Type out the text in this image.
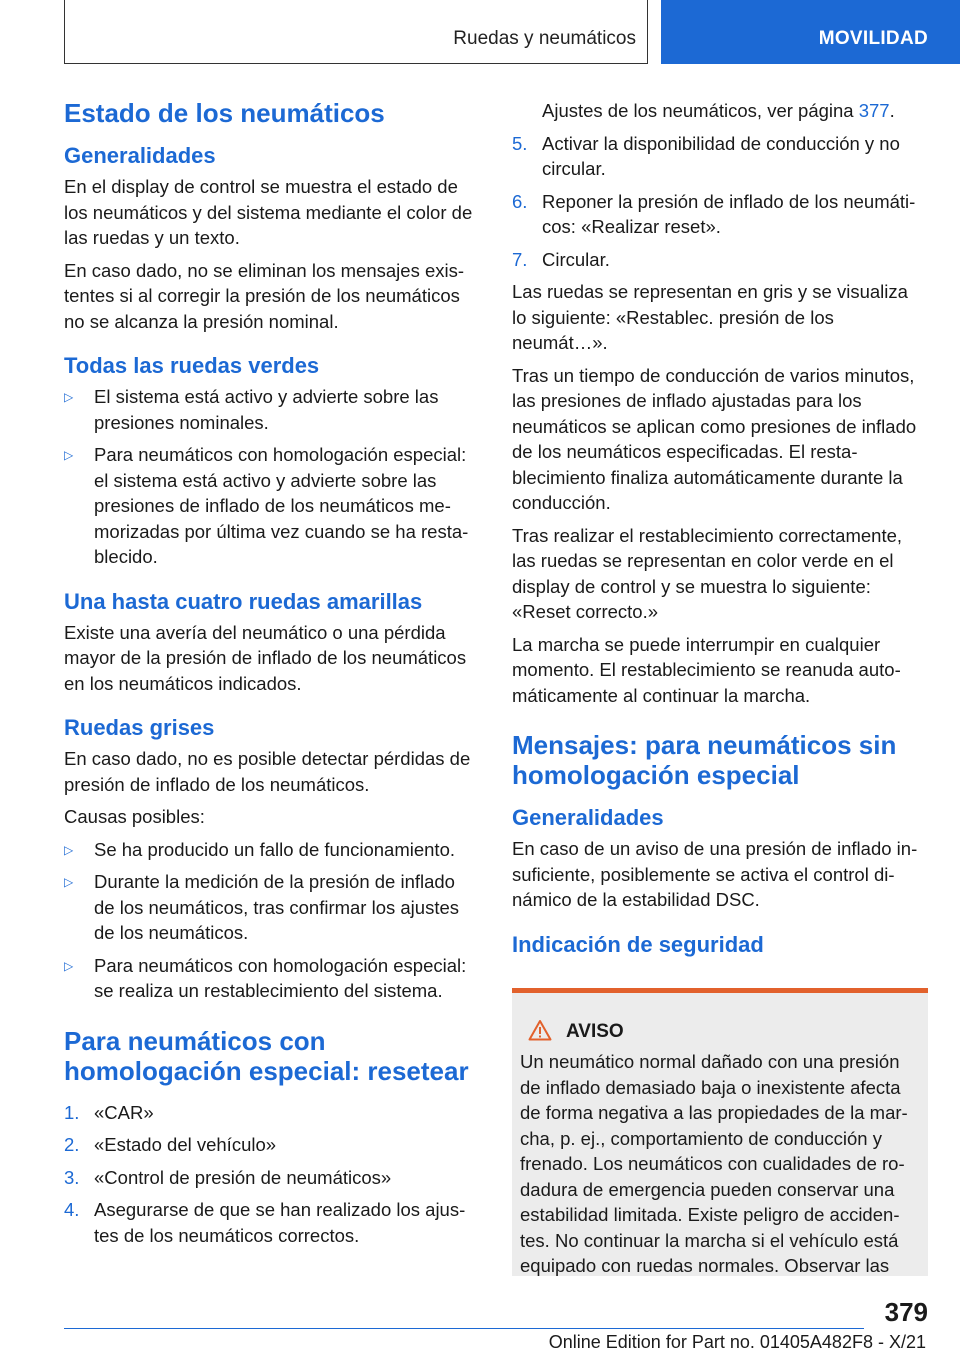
Ruedas y neumáticos	MOVILIDAD
Estado de los neumáticos
Generalidades

En el display de control se muestra el estado de los neumáticos y del sistema mediante el color de las ruedas y un texto.

En caso dado, no se eliminan los mensajes existentes si al corregir la presión de los neumáticos no se alcanza la presión nominal.

Todas las ruedas verdes
▷ El sistema está activo y advierte sobre las presiones nominales.
▷ Para neumáticos con homologación especial: el sistema está activo y advierte sobre las presiones de inflado de los neumáticos memorizadas por última vez cuando se ha restablecido.
Una hasta cuatro ruedas amarillas

Existe una avería del neumático o una pérdida mayor de la presión de inflado de los neumáticos en los neumáticos indicados.

Ruedas grises

En caso dado, no es posible detectar pérdidas de presión de inflado de los neumáticos.

Causas posibles:

▷ Se ha producido un fallo de funcionamiento.
▷ Durante la medición de la presión de inflado de los neumáticos, tras confirmar los ajustes de los neumáticos.
▷ Para neumáticos con homologación especial: se realiza un restablecimiento del sistema.
Para neumáticos con homologación especial: resetear
1. «CAR»
2. «Estado del vehículo»
3. «Control de presión de neumáticos»
4. Asegurarse de que se han realizado los ajustes de los neumáticos correctos.
Ajustes de los neumáticos, ver página 377.
5. Activar la disponibilidad de conducción y no circular.
6. Reponer la presión de inflado de los neumáticos: «Realizar reset».
7. Circular.

Las ruedas se representan en gris y se visualiza lo siguiente: «Restablec. presión de los neumát…».

Tras un tiempo de conducción de varios minutos, las presiones de inflado ajustadas para los neumáticos se aplican como presiones de inflado de los neumáticos especificadas. El restablecimiento finaliza automáticamente durante la conducción.

Tras realizar el restablecimiento correctamente, las ruedas se representan en color verde en el display de control y se muestra lo siguiente: «Reset correcto.»

La marcha se puede interrumpir en cualquier momento. El restablecimiento se reanuda automáticamente al continuar la marcha.

Mensajes: para neumáticos sin homologación especial
Generalidades

En caso de un aviso de una presión de inflado insuficiente, posiblemente se activa el control dinámico de la estabilidad DSC.

Indicación de seguridad
AVISO

Un neumático normal dañado con una presión de inflado demasiado baja o inexistente afecta de forma negativa a las propiedades de la marcha, p. ej., comportamiento de conducción y frenado. Los neumáticos con cualidades de rodadura de emergencia pueden conservar una estabilidad limitada. Existe peligro de accidentes. No continuar la marcha si el vehículo está equipado con ruedas normales. Observar las

379
Online Edition for Part no. 01405A482F8 - X/21
